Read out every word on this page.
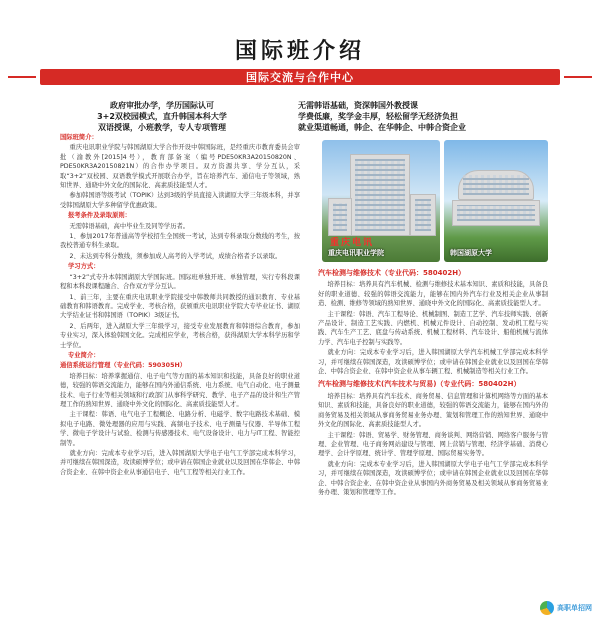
国际班介绍
国际交流与合作中心
政府审批办学，学历国际认可
3+2双校园模式，直升韩国本科大学
双语授课，小班教学，专人专项管理
无需韩语基础，资深韩国外教授课
学费低廉，奖学金丰厚，轻松留学无经济负担
就业渠道畅通，韩企、在华韩企、中韩合资企业
国际班简介：

重庆电讯职业学院与韩国湖原大学合作开设中韩国际班，是经重庆市教育委员会审批（渝教外[2015]4号），教育部备案（编号PDE50KR3A20150820N、PDE50KR3A20150821N）的合作办学项目。双方资源共享、学分互认，采取“3+2”双校园、双语教学模式开展联合办学，旨在培养汽车、通信电子等领域，熟知世界、通晓中外文化的国际化、高素质技能型人才。

参加韩国语等级考试（TOPIK）达到3级的学员直接入读湖原大学三年级本科，并享受韩国湖原大学多种留学优惠政策。

报考条件及录取原则：

无需韩语基础，高中毕业生及同等学历者。

1、参加2017年普通高等学校招生全国统一考试，达到专科录取分数线的考生，按我校普通专科生录取。

2、未达到专科分数线，须参加成人高考的入学考试，成绩合格者予以录取。

学习方式：

“3+2”式专升本韩国湖原大学国际班。国际班单独开班、单独管理，实行专科段课程和本科段课程融合、合作双方学分互认。

1、前三年，主要在重庆电讯职业学院接受中韩教师共同教授的通识教育、专业基础教育和韩语教育。完成学业、考核合格，获颁重庆电讯职业学院大专毕业证书、湖原大学结业证书和韩国语（TOPIK）3级证书。

2、后两年，进入湖原大学三年级学习，接受专业发展教育和韩语综合教育，参加专业实习，深入体验韩国文化。完成相应学业，考核合格，获得湖原大学本科学历和学士学位。

专业简介：
通信系统运行管理（专业代码：590305H）

培养目标：培养掌握通信、电子电气等方面的基本知识和技能，具备良好的职业道德，较强的韩语交流能力，能够在国内外通信系统、电力系统、电气自动化、电子测量技术、电子行业等相关领域和行政部门从事科学研究、教学、电子产品的设计和生产管理工作的熟知世界、通晓中外文化的国际化、高素质技能型人才。

主干课程：韩语、电气电子工程概论、电路分析、电磁学、数字电路技术基础、模拟电子电路、微处理器的应用与实践、高频电子技术、电子测量与仪器、半导体工程学、微电子学设计与试验、检测与传感器技术、电气设备设计、电力与IT工程、智能控制等。

就业方向：完成本专业学习后，进入韩国湖原大学电子电气工学部完成本科学习，并可继续在韩国深造，攻读硕博学位；或申请在韩国企业就业以及回国在华韩企、中韩合资企业、在韩中资企业从事通信电子、电气工程等相关行业工作。

重庆电讯
重庆电讯职业学院	韩国湖原大学
汽车检测与维修技术（专业代码：580402H）

培养目标：培养具有汽车机械、检测与维修技术基本知识、素质和技能，具备良好的职业道德、较强的韩语交流能力，能够在国内外汽车行业及相关企业从事制造、检测、维修等领域的熟知世界、通晓中外文化的国际化、高素质技能型人才。

主干课程：韩语、汽车工程导论、机械制图、制造工艺学、汽车技师实践、创新产品设计、制造工艺实践、内燃机、机械元件设计、自动控制、发动机工程与实践、汽车生产工艺、底盘与传动系统、机械工程材料、汽车设计、船舶机械与流体力学、汽车电子控制与实践等。

就业方向：完成本专业学习后，进入韩国湖原大学汽车机械工学部完成本科学习，并可继续在韩国深造，攻读硕博学位；或申请在韩国企业就业以及回国在华韩企、中韩合资企业、在韩中资企业从事车辆工程、机械制造等相关行业工作。

汽车检测与维修技术(汽车技术与贸易)（专业代码：580402H）

培养目标：培养具有汽车技术、商务贸易、信息管理和计算机网络等方面的基本知识、素质和技能，具备良好的职业道德，较强的韩语交流能力，能够在国内外的商务贸易及相关领域从事商务贸易业务办理、策划和管理工作的熟知世界、通晓中外文化的国际化、高素质技能型人才。

主干课程：韩语、贸易学、财务管理、商务谈判、网络营销、网络客户服务与管理、企业管理、电子商务网站建设与管理、网上营销与管理、经济学基础、消费心理学、会计学原理、统计学、管理学原理、国际贸易实务等。

就业方向：完成本专业学习后，进入韩国湖原大学电子电气工学部完成本科学习，并可继续在韩国深造，攻读硕博学位；或申请在韩国企业就业以及回国在华韩企、中韩合资企业、在韩中资企业从事国内外商务贸易及相关领域从事商务贸易业务办理、策划和管理等工作。

高职单招网
